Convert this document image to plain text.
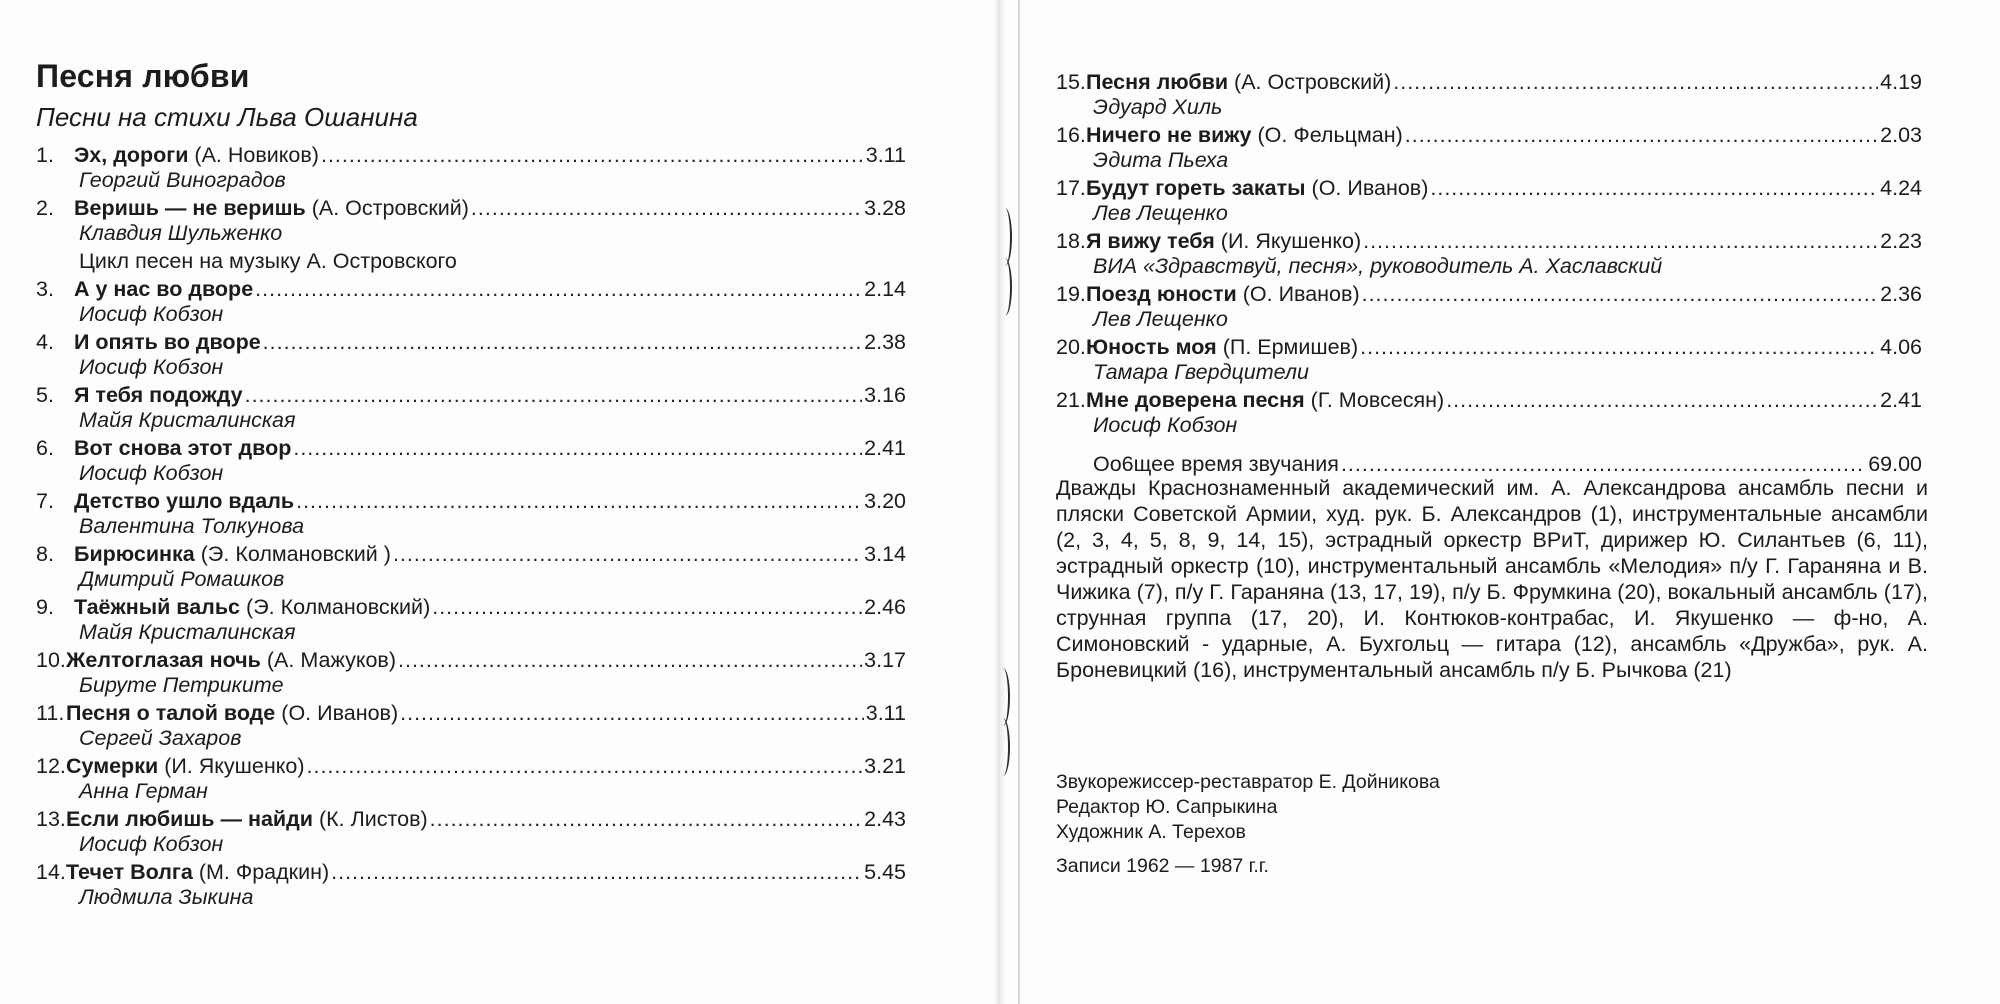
Песня любви
Песни на стихи Льва Ошанина
1. Эх, дороги (А. Новиков) .....	3.11
Георгий Виноградов
2. Веришь — не веришь (А. Островский) .....	3.28
Клавдия Шульженко
Цикл песен на музыку А. Островского
3. А у нас во дворе .....	2.14
Иосиф Кобзон
4. И опять во дворе .....	2.38
Иосиф Кобзон
5. Я тебя подожду .....	3.16
Майя Кристалинская
6. Вот снова этот двор .....	2.41
Иосиф Кобзон
7. Детство ушло вдаль .....	3.20
Валентина Толкунова
8. Бирюсинка (Э. Колмановский ) .....	3.14
Дмитрий Ромашков
9. Таёжный вальс (Э. Колмановский) .....	2.46
Майя Кристалинская
10. Желтоглазая ночь (А. Мажуков) .....	3.17
Бируте Петриките
11. Песня о талой воде (О. Иванов) .....	3.11
Сергей Захаров
12. Сумерки (И. Якушенко) .....	3.21
Анна Герман
13. Если любишь — найди (К. Листов) .....	2.43
Иосиф Кобзон
14. Течет Волга (М. Фрадкин) .....	5.45
Людмила Зыкина
15. Песня любви (А. Островский) .....	4.19
Эдуард Хиль
16. Ничего не вижу (О. Фельцман) .....	2.03
Эдита Пьеха
17. Будут гореть закаты (О. Иванов) .....	4.24
Лев Лещенко
18. Я вижу тебя (И. Якушенко) .....	2.23
ВИА «Здравствуй, песня», руководитель А. Хаславский
19. Поезд юности (О. Иванов) .....	2.36
Лев Лещенко
20. Юность моя (П. Ермишев) .....	4.06
Тамара Гвердцители
21. Мне доверена песня (Г. Мовсесян) .....	2.41
Иосиф Кобзон
Оо6щее время звучания .....	69.00
Дважды Краснознаменный академический им. А. Александрова ансамбль песни и пляски Советской Армии, худ. рук. Б. Александров (1), инструментальные ансамбли (2, 3, 4, 5, 8, 9, 14, 15), эстрадный оркестр ВРиТ, дирижер Ю. Силантьев (6, 11), эстрадный оркестр (10), инструментальный ансамбль «Мелодия» п/у Г. Гараняна и В. Чижика (7), п/у Г. Гараняна (13, 17, 19), п/у Б. Фрумкина (20), вокальный ансамбль (17), струнная группа (17, 20), И. Контюков-контрабас, И. Якушенко — ф-но, А. Симоновский - ударные, А. Бухгольц — гитара (12), ансамбль «Дружба», рук. А. Броневицкий (16), инструментальный ансамбль п/у Б. Рычкова (21)
Звукорежиссер-реставратор Е. Дойникова
Редактор Ю. Сапрыкина
Художник А. Терехов
Записи 1962 — 1987 г.г.
